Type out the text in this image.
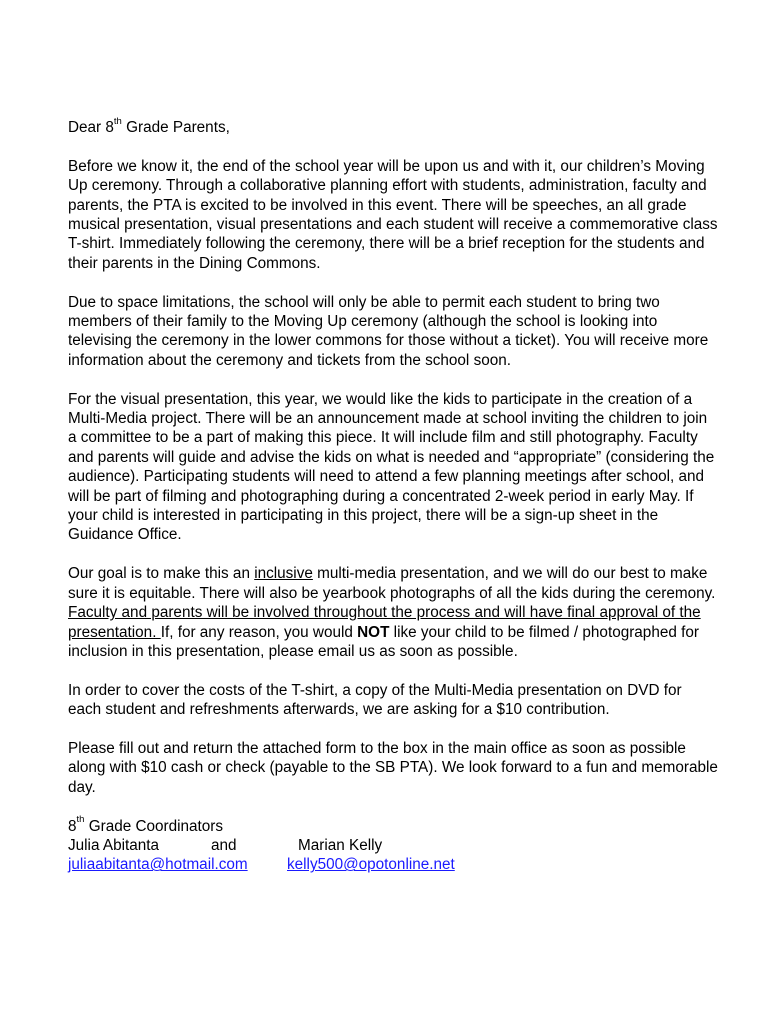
Dear 8th Grade Parents,

Before we know it, the end of the school year will be upon us and with it, our children’s Moving Up ceremony. Through a collaborative planning effort with students, administration, faculty and parents, the PTA is excited to be involved in this event. There will be speeches, an all grade musical presentation, visual presentations and each student will receive a commemorative class T-shirt. Immediately following the ceremony, there will be a brief reception for the students and their parents in the Dining Commons.

Due to space limitations, the school will only be able to permit each student to bring two members of their family to the Moving Up ceremony (although the school is looking into televising the ceremony in the lower commons for those without a ticket). You will receive more information about the ceremony and tickets from the school soon.

For the visual presentation, this year, we would like the kids to participate in the creation of a Multi-Media project. There will be an announcement made at school inviting the children to join a committee to be a part of making this piece. It will include film and still photography. Faculty and parents will guide and advise the kids on what is needed and “appropriate” (considering the audience). Participating students will need to attend a few planning meetings after school, and will be part of filming and photographing during a concentrated 2-week period in early May. If your child is interested in participating in this project, there will be a sign-up sheet in the Guidance Office.

Our goal is to make this an inclusive multi-media presentation, and we will do our best to make sure it is equitable. There will also be yearbook photographs of all the kids during the ceremony. Faculty and parents will be involved throughout the process and will have final approval of the presentation. If, for any reason, you would NOT like your child to be filmed / photographed for inclusion in this presentation, please email us as soon as possible.

In order to cover the costs of the T-shirt, a copy of the Multi-Media presentation on DVD for each student and refreshments afterwards, we are asking for a $10 contribution.

Please fill out and return the attached form to the box in the main office as soon as possible along with $10 cash or check (payable to the SB PTA). We look forward to a fun and memorable day.

8th Grade Coordinators
Julia Abitanta	and	Marian Kelly
juliaabitanta@hotmail.com	kelly500@opotonline.net
